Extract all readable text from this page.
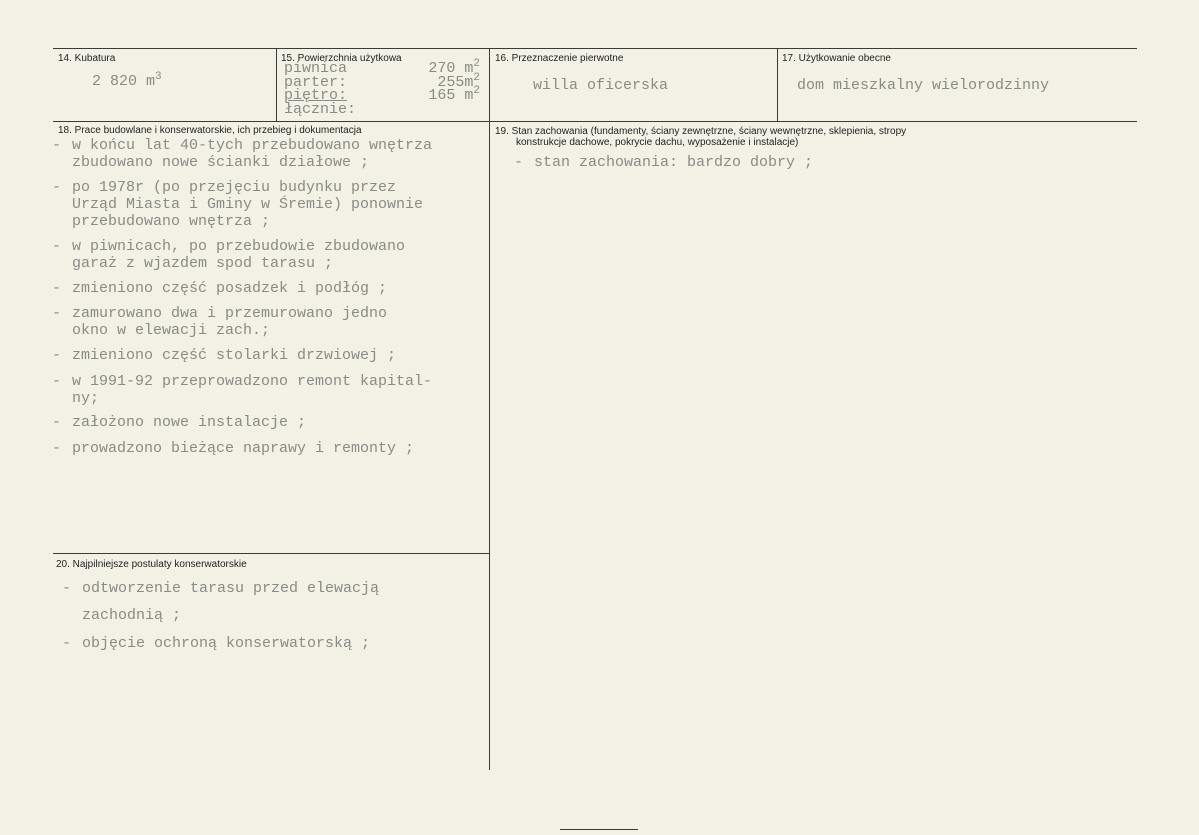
14. Kubatura
2 820 $m^3$
15. Powierzchnia użytkowa
piwnica	270 $m^2$
parter:	$255m^2$
piętro:	165 $m^2$
łącznie:
16. Przeznaczenie pierwotne
willa oficerska
17. Użytkowanie obecne
dom mieszkalny wielorodzinny
18. Prace budowlane i konserwatorskie, ich przebieg i dokumentacja
- w końcu lat 40-tych przebudowano wnętrza
zbudowano nowe ścianki działowe ;
- po 1978r (po przejęciu budynku przez
Urząd Miasta i Gminy w Śremie) ponownie
przebudowano wnętrza ;
- w piwnicach, po przebudowie zbudowano
garaż z wjazdem spod tarasu ;
- zmieniono część posadzek i podłóg ;
- zamurowano dwa i przemurowano jedno
okno w elewacji zach.;
- zmieniono część stolarki drzwiowej ;
- w 1991-92 przeprowadzono remont kapital-
ny;
- założono nowe instalacje ;
- prowadzono bieżące naprawy i remonty ;
19. Stan zachowania (fundamenty, ściany zewnętrzne, ściany wewnętrzne, sklepienia, stropy
konstrukcje dachowe, pokrycie dachu, wyposażenie i instalacje)
- stan zachowania: bardzo dobry ;
20. Najpilniejsze postulaty konserwatorskie
- odtworzenie tarasu przed elewacją
zachodnią ;
- objęcie ochroną konserwatorską ;
